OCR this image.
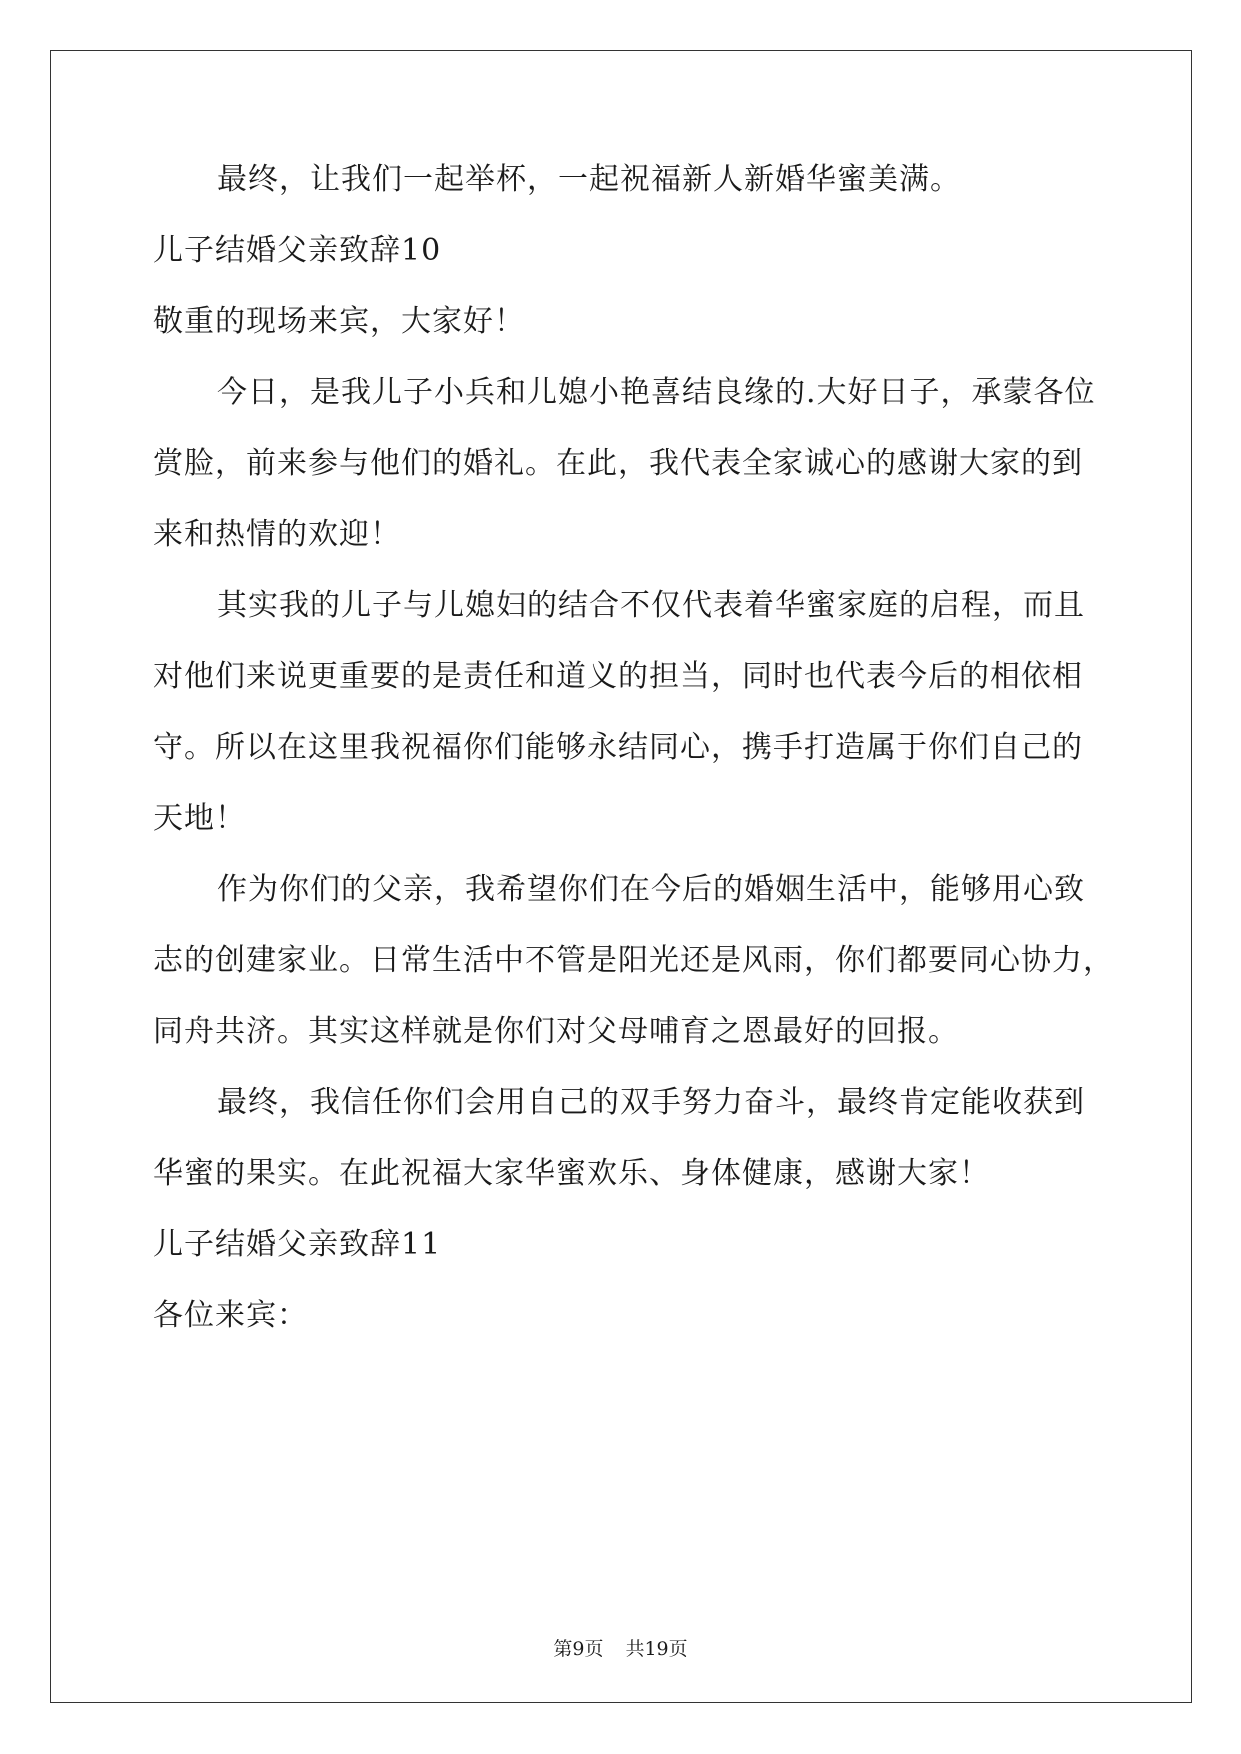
最终，让我们一起举杯，一起祝福新人新婚华蜜美满。
儿子结婚父亲致辞10
敬重的现场来宾，大家好！
今日，是我儿子小兵和儿媳小艳喜结良缘的.大好日子，承蒙各位
赏脸，前来参与他们的婚礼。在此，我代表全家诚心的感谢大家的到
来和热情的欢迎！
其实我的儿子与儿媳妇的结合不仅代表着华蜜家庭的启程，而且
对他们来说更重要的是责任和道义的担当，同时也代表今后的相依相
守。所以在这里我祝福你们能够永结同心，携手打造属于你们自己的
天地！
作为你们的父亲，我希望你们在今后的婚姻生活中，能够用心致
志的创建家业。日常生活中不管是阳光还是风雨，你们都要同心协力，
同舟共济。其实这样就是你们对父母哺育之恩最好的回报。
最终，我信任你们会用自己的双手努力奋斗，最终肯定能收获到
华蜜的果实。在此祝福大家华蜜欢乐、身体健康，感谢大家！
儿子结婚父亲致辞11
各位来宾：
第9页 共19页
